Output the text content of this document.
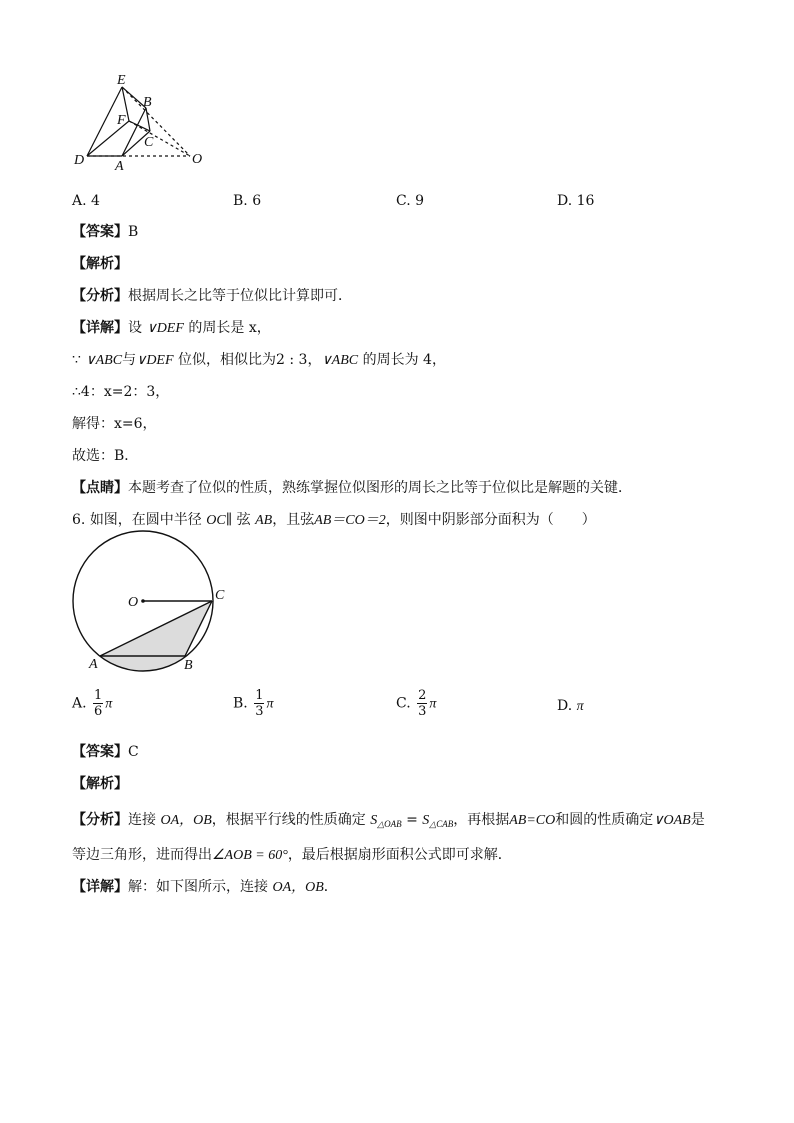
E
B
F
C
D A	O
A. 4	B. 6	C. 9	D. 16
【答案】B
【解析】
【分析】根据周长之比等于位似比计算即可．
【详解】设 ∨DEF 的周长是 x，
∵ ∨ABC与∨DEF 位似，相似比为2 : 3，∨ABC 的周长为 4，
∴4：x=2：3，
解得：x=6，
故选：B．
【点睛】本题考查了位似的性质，熟练掌握位似图形的周长之比等于位似比是解题的关键．
6. 如图，在圆中半径 OC∥ 弦 AB，且弦AB＝CO＝2，则图中阴影部分面积为（　　）
O	C
A	B
A. $\frac{1}{6}$ π	B. $\frac{1}{3}$ π	C. $\frac{2}{3}$ π	D. π
【答案】C
【解析】
【分析】连接 OA，OB，根据平行线的性质确定 $S_{\triangle OAB} = S_{\triangle CAB}$，再根据AB=CO和圆的性质确定∨OAB是
等边三角形，进而得出∠AOB = 60°，最后根据扇形面积公式即可求解．
【详解】解：如下图所示，连接 OA，OB．
